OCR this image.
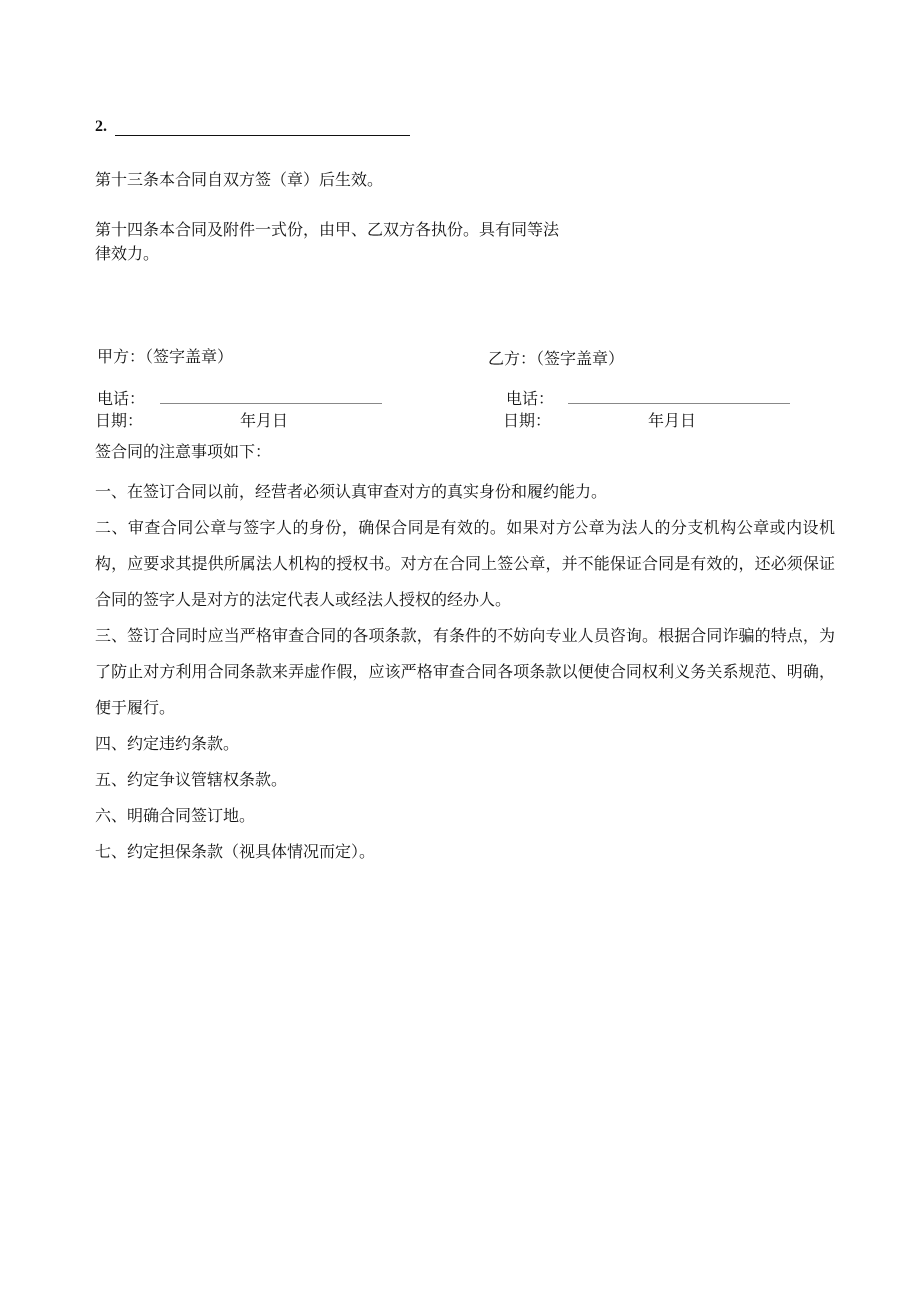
2.
第十三条本合同自双方签（章）后生效。
第十四条本合同及附件一式份，由甲、乙双方各执份。具有同等法
律效力。
甲方：（签字盖章）
电话：
日期：	年月日
乙方：（签字盖章）
电话：
日期：	年月日

签合同的注意事项如下：

一、在签订合同以前，经营者必须认真审查对方的真实身份和履约能力。

二、审查合同公章与签字人的身份，确保合同是有效的。如果对方公章为法人的分支机构公章或内设机构，应要求其提供所属法人机构的授权书。对方在合同上签公章，并不能保证合同是有效的，还必须保证合同的签字人是对方的法定代表人或经法人授权的经办人。

三、签订合同时应当严格审查合同的各项条款，有条件的不妨向专业人员咨询。根据合同诈骗的特点，为了防止对方利用合同条款来弄虚作假，应该严格审查合同各项条款以便使合同权利义务关系规范、明确，便于履行。

四、约定违约条款。

五、约定争议管辖权条款。

六、明确合同签订地。

七、约定担保条款（视具体情况而定）。
